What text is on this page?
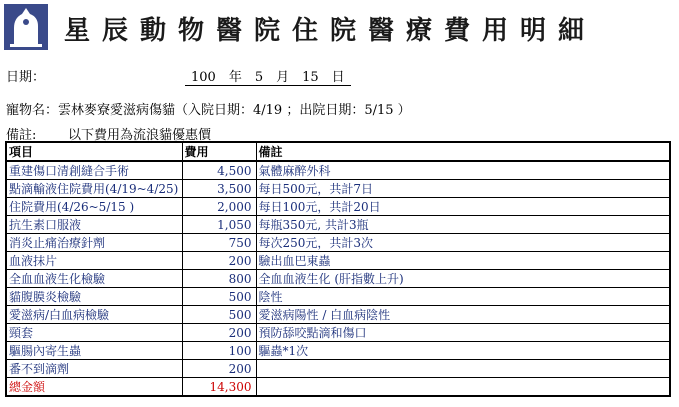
星辰動物醫院住院醫療費用明細
日期：	100　年　5　月　15　日
寵物名：雲林麥寮愛滋病傷貓（入院日期：4/19 ；出院日期：5/15 ）
備註: 以下費用為流浪貓優惠價
項目	費用	備註
重建傷口清創縫合手術	4,500	氣體麻醉外科
點滴輸液住院費用(4/19~4/25)	3,500	每日500元，共計7日
住院費用(4/26~5/15 )	2,000	每日100元，共計20日
抗生素口服液	1,050	每瓶350元, 共計3瓶
消炎止痛治療針劑	750	每次250元，共計3次
血液抹片	200	驗出血巴東蟲
全血血液生化檢驗	800	全血血液生化 (肝指數上升)
貓腹膜炎檢驗	500	陰性
愛滋病/白血病檢驗	500	愛滋病陽性 / 白血病陰性
頸套	200	預防舔咬點滴和傷口
驅腸內寄生蟲	100	驅蟲*1次
番不到滴劑	200	
總金額	14,300	
